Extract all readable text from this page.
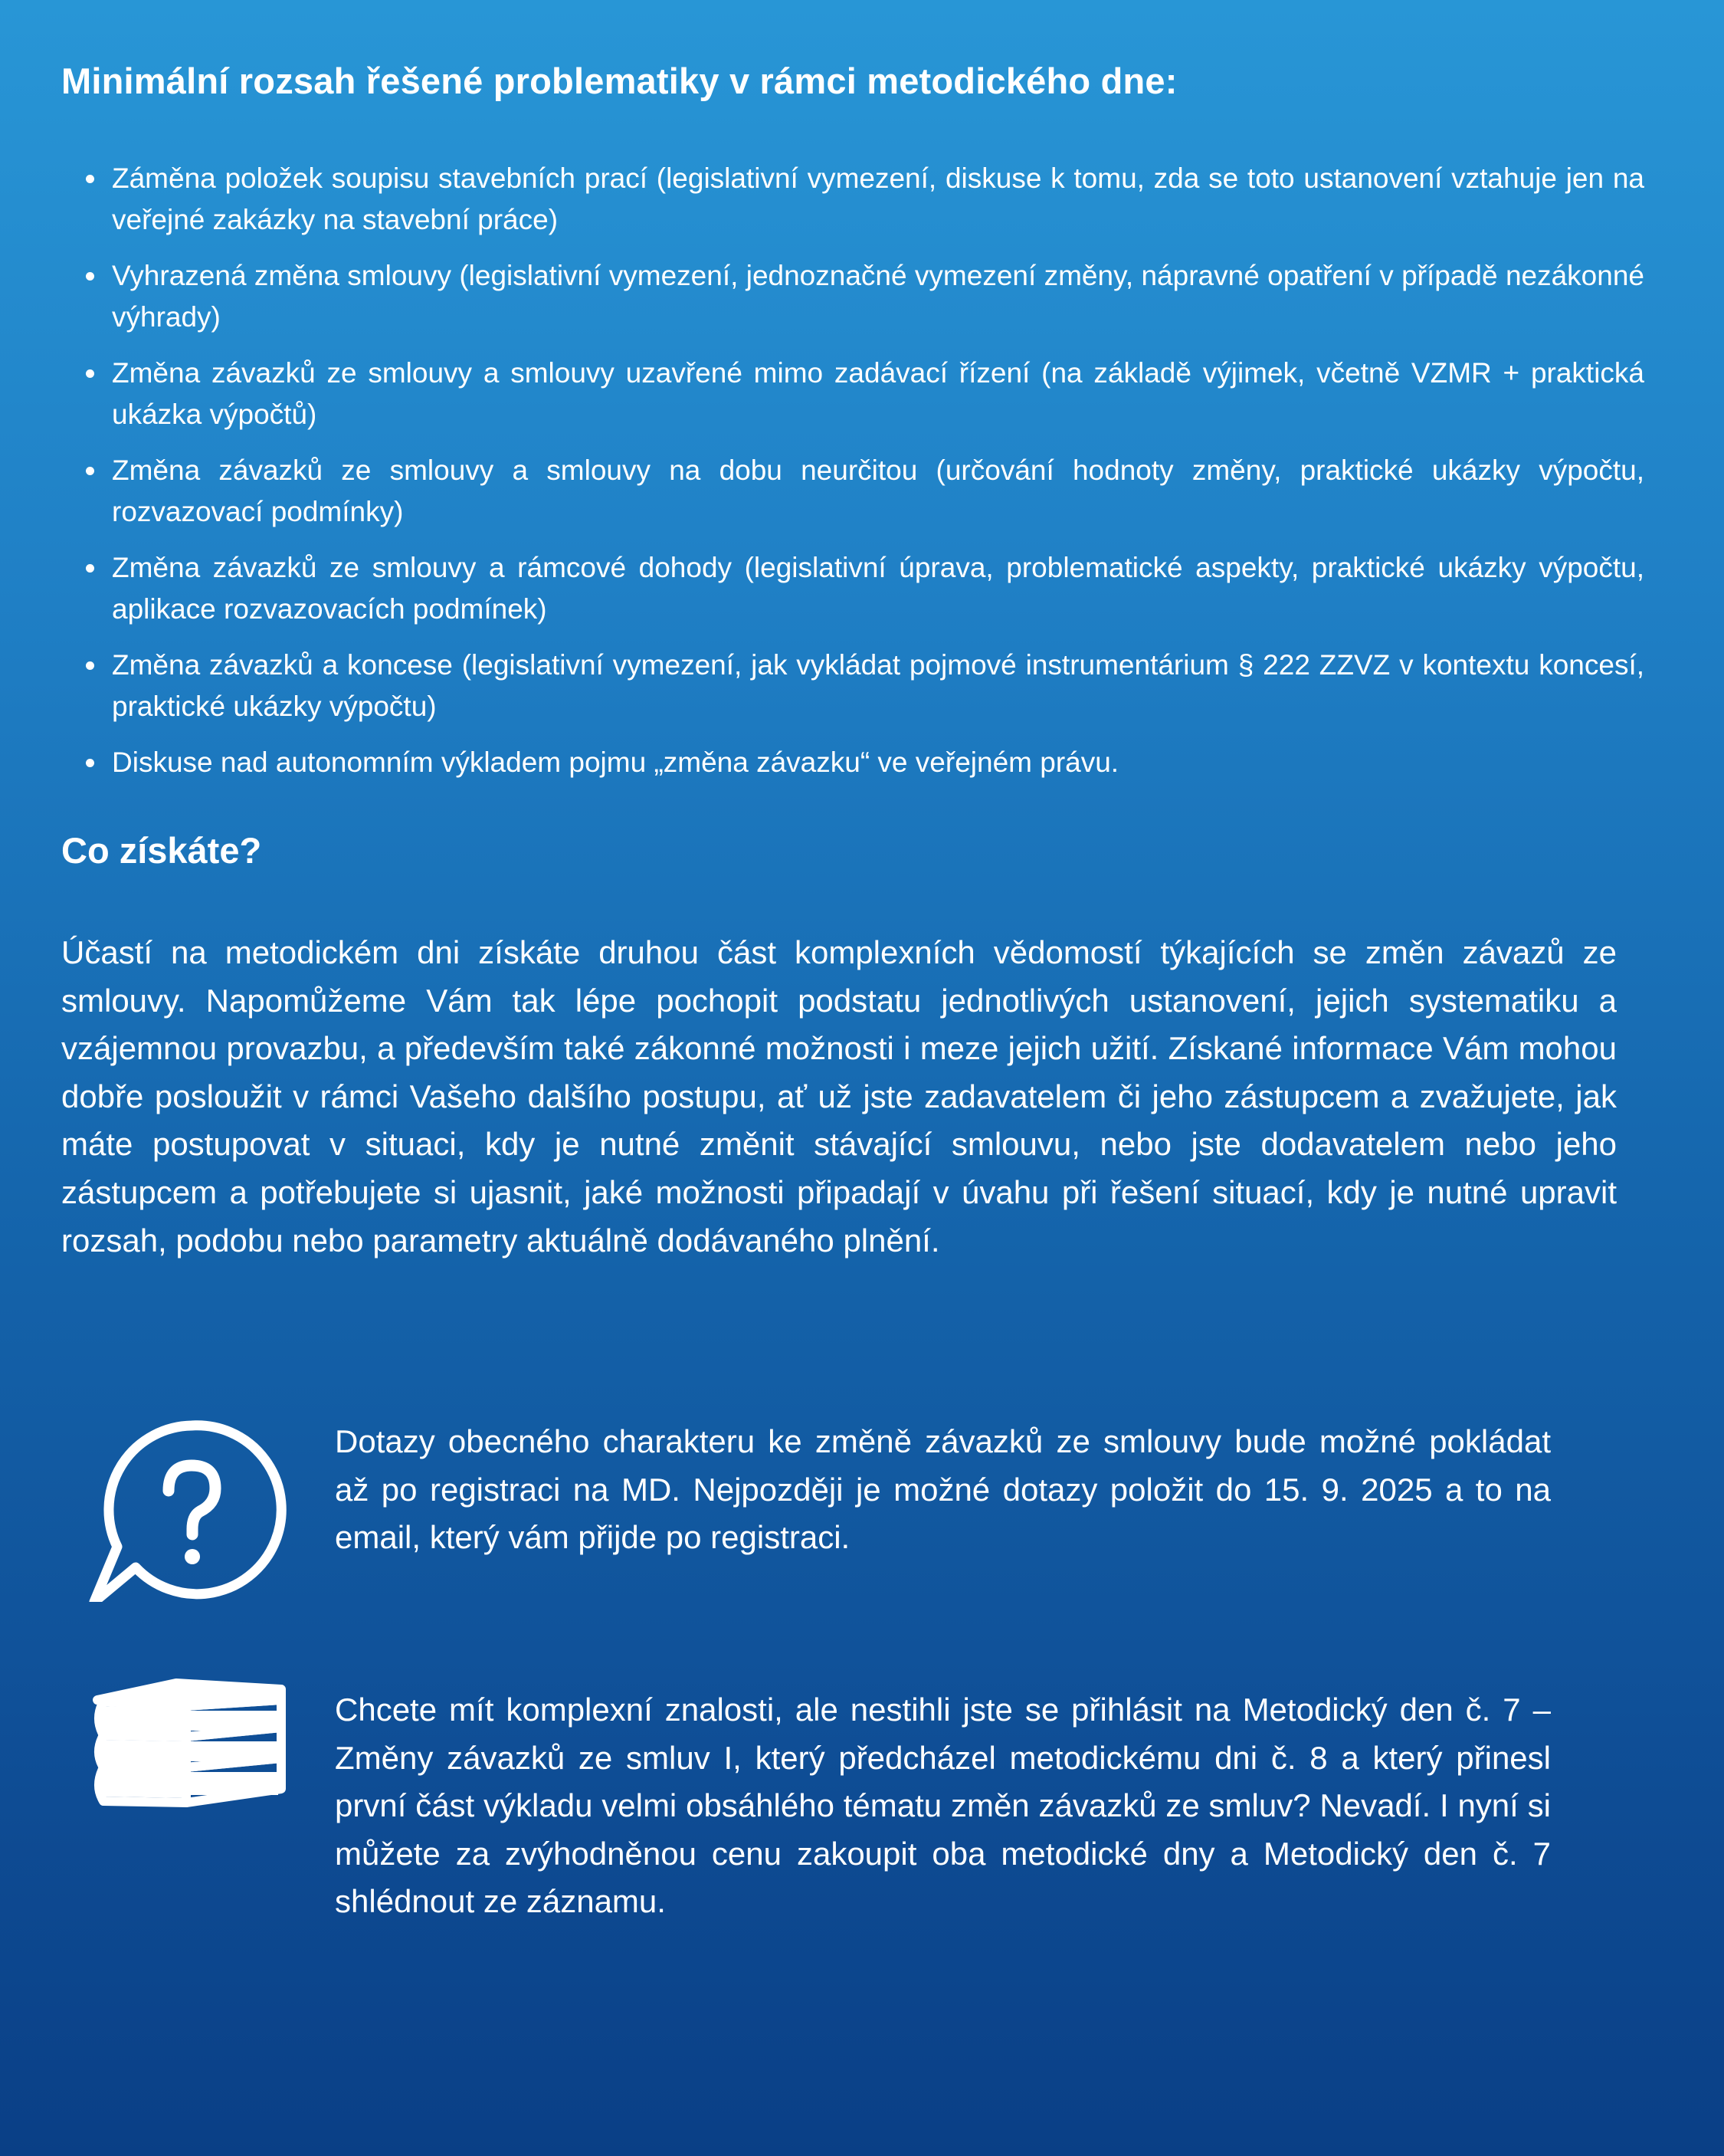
Minimální rozsah řešené problematiky v rámci metodického dne:
Záměna položek soupisu stavebních prací (legislativní vymezení, diskuse k tomu, zda se toto ustanovení vztahuje jen na veřejné zakázky na stavební práce)
Vyhrazená změna smlouvy (legislativní vymezení, jednoznačné vymezení změny, nápravné opatření v případě nezákonné výhrady)
Změna závazků ze smlouvy a smlouvy uzavřené mimo zadávací řízení (na základě výjimek, včetně VZMR + praktická ukázka výpočtů)
Změna závazků ze smlouvy a smlouvy na dobu neurčitou (určování hodnoty změny, praktické ukázky výpočtu, rozvazovací podmínky)
Změna závazků ze smlouvy a rámcové dohody (legislativní úprava, problematické aspekty, praktické ukázky výpočtu, aplikace rozvazovacích podmínek)
Změna závazků a koncese (legislativní vymezení, jak vykládat pojmové instrumentárium § 222 ZZVZ v kontextu koncesí, praktické ukázky výpočtu)
Diskuse nad autonomním výkladem pojmu „změna závazku“ ve veřejném právu.
Co získáte?

Účastí na metodickém dni získáte druhou část komplexních vědomostí týkajících se změn závazů ze smlouvy. Napomůžeme Vám tak lépe pochopit podstatu jednotlivých ustanovení, jejich systematiku a vzájemnou provazbu, a především také zákonné možnosti i meze jejich užití. Získané informace Vám mohou dobře posloužit v rámci Vašeho dalšího postupu, ať už jste zadavatelem či jeho zástupcem a zvažujete, jak máte postupovat v situaci, kdy je nutné změnit stávající smlouvu, nebo jste dodavatelem nebo jeho zástupcem a potřebujete si ujasnit, jaké možnosti připadají v úvahu při řešení situací, kdy je nutné upravit rozsah, podobu nebo parametry aktuálně dodávaného plnění.

Dotazy obecného charakteru ke změně závazků ze smlouvy bude možné pokládat až po registraci na MD. Nejpozději je možné dotazy položit do 15. 9. 2025 a to na email, který vám přijde po registraci.

Chcete mít komplexní znalosti, ale nestihli jste se přihlásit na Metodický den č. 7 – Změny závazků ze smluv I, který předcházel metodickému dni č. 8 a který přinesl první část výkladu velmi obsáhlého tématu změn závazků ze smluv? Nevadí. I nyní si můžete za zvýhodněnou cenu zakoupit oba metodické dny a Metodický den č. 7 shlédnout ze záznamu.
